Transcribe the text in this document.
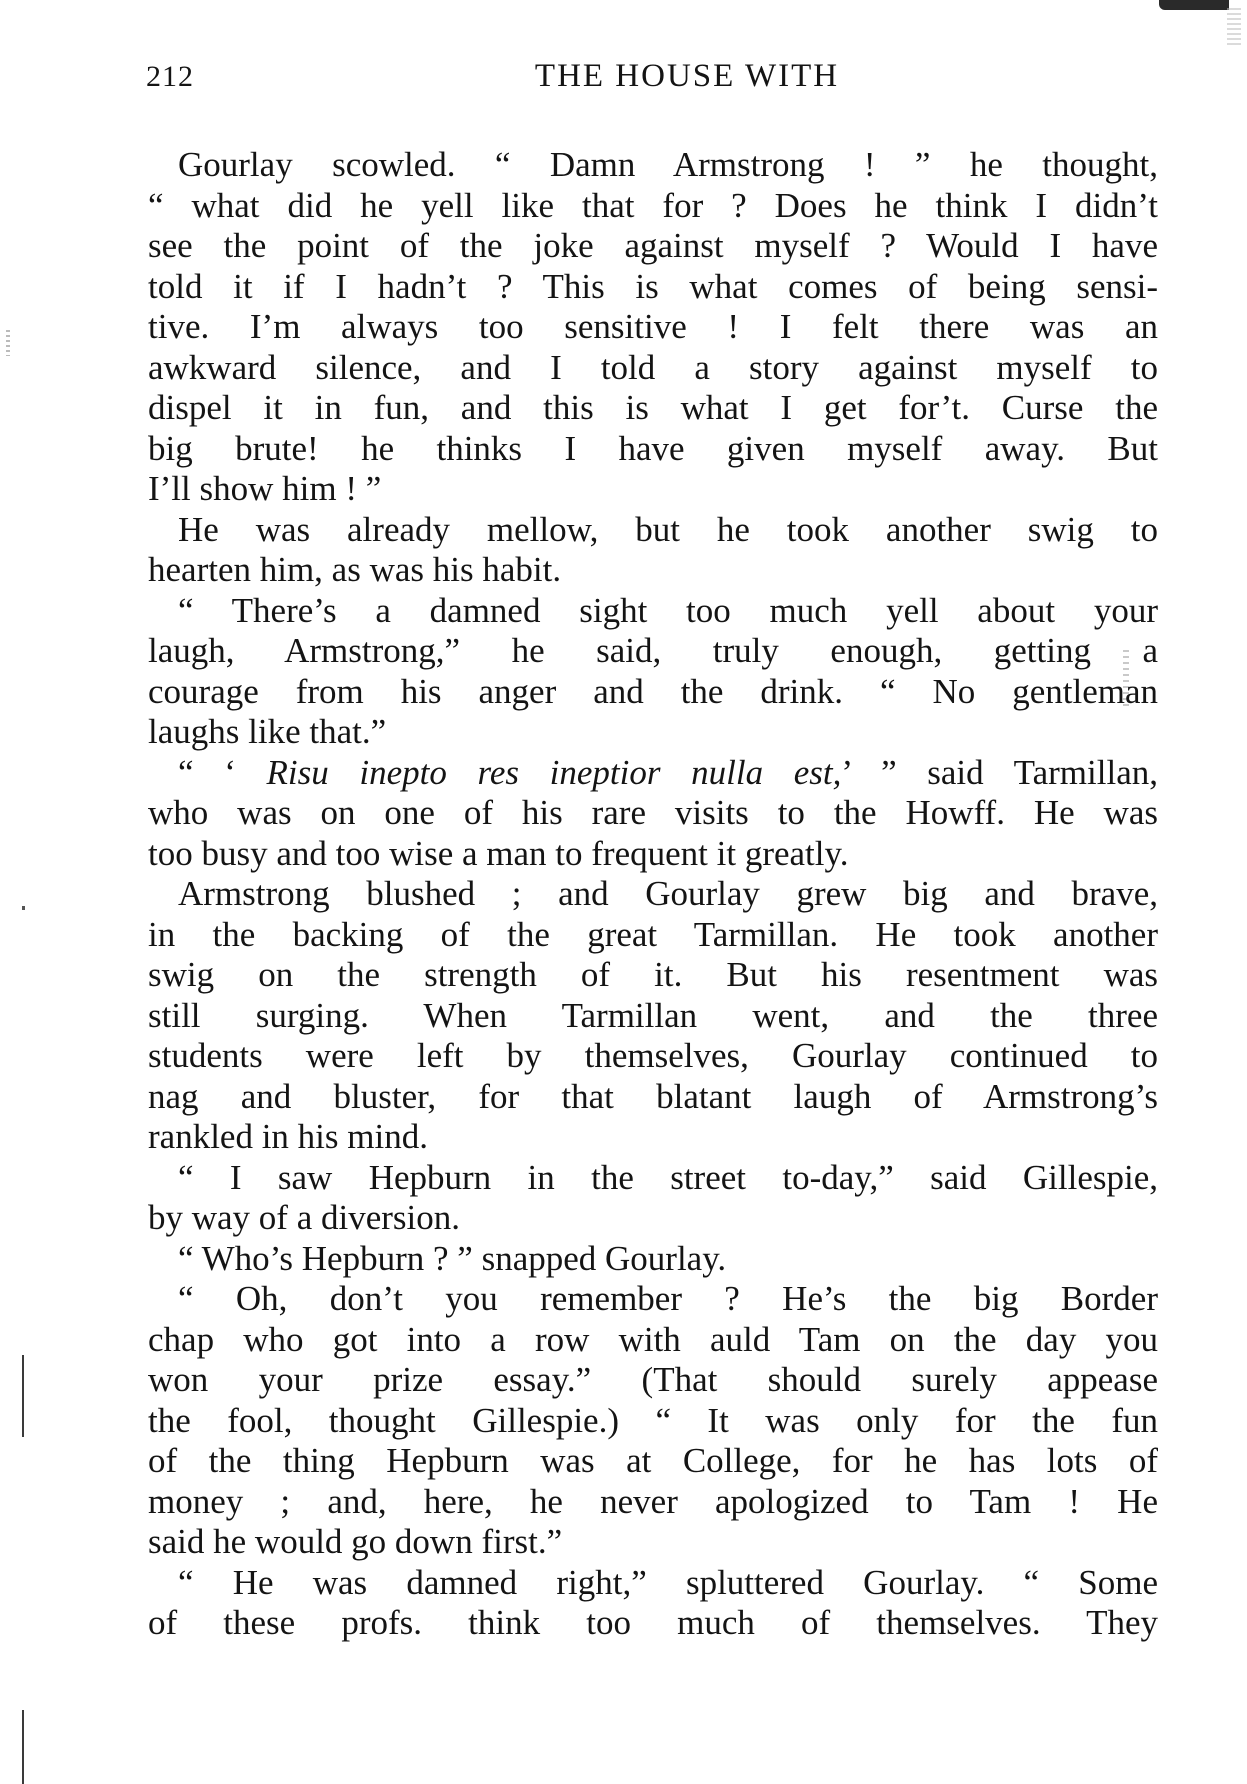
212	THE HOUSE WITH
Gourlay scowled. “ Damn Armstrong ! ” he thought,
“ what did he yell like that for ? Does he think I didn’t
see the point of the joke against myself ? Would I have
told it if I hadn’t ? This is what comes of being sensi-
tive. I’m always too sensitive ! I felt there was an
awkward silence, and I told a story against myself to
dispel it in fun, and this is what I get for’t. Curse the
big brute! he thinks I have given myself away. But
I’ll show him ! ”
He was already mellow, but he took another swig to
hearten him, as was his habit.
“ There’s a damned sight too much yell about your
laugh, Armstrong,” he said, truly enough, getting a
courage from his anger and the drink. “ No gentleman
laughs like that.”
“ ‘ Risu inepto res ineptior nulla est,’ ” said Tarmillan,
who was on one of his rare visits to the Howff. He was
too busy and too wise a man to frequent it greatly.
Armstrong blushed ; and Gourlay grew big and brave,
in the backing of the great Tarmillan. He took another
swig on the strength of it. But his resentment was
still surging. When Tarmillan went, and the three
students were left by themselves, Gourlay continued to
nag and bluster, for that blatant laugh of Armstrong’s
rankled in his mind.
“ I saw Hepburn in the street to-day,” said Gillespie,
by way of a diversion.
“ Who’s Hepburn ? ” snapped Gourlay.
“ Oh, don’t you remember ? He’s the big Border
chap who got into a row with auld Tam on the day you
won your prize essay.” (That should surely appease
the fool, thought Gillespie.) “ It was only for the fun
of the thing Hepburn was at College, for he has lots of
money ; and, here, he never apologized to Tam ! He
said he would go down first.”
“ He was damned right,” spluttered Gourlay. “ Some
of these profs. think too much of themselves. They
